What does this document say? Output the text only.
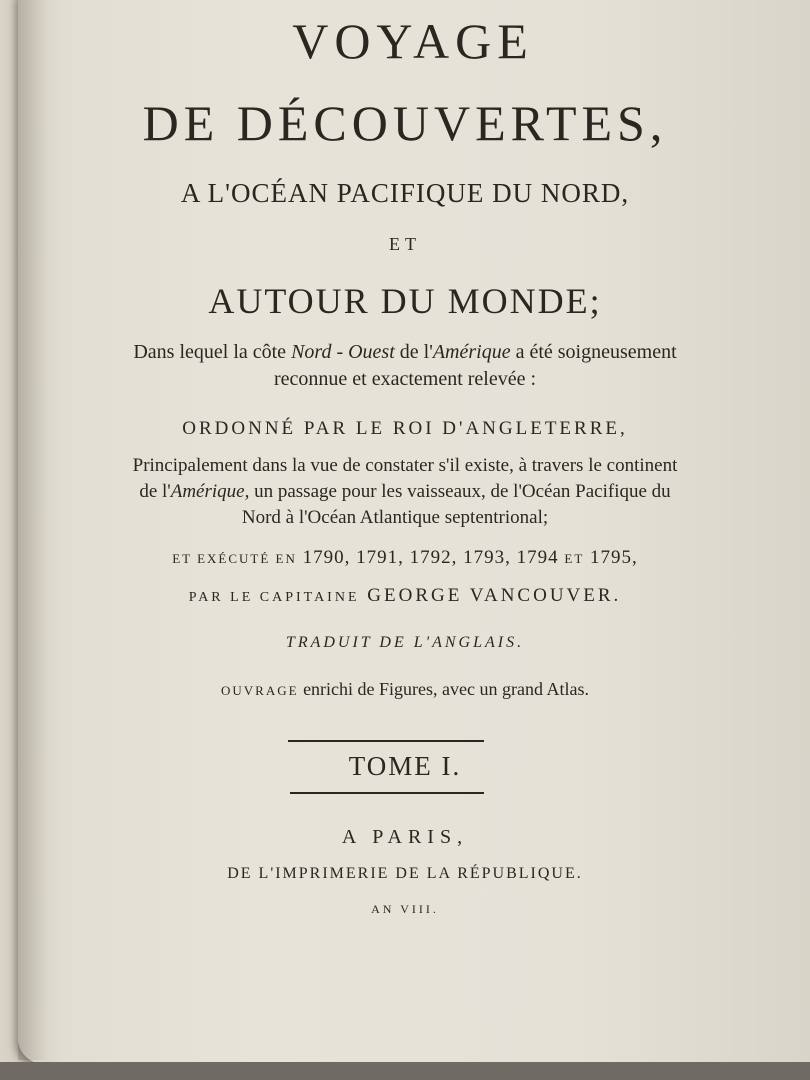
VOYAGE
DE DÉCOUVERTES,
A L'OCÉAN PACIFIQUE DU NORD,
ET
AUTOUR DU MONDE;
Dans lequel la côte Nord - Ouest de l'Amérique a été soigneusement
reconnue et exactement relevée :
ORDONNÉ PAR LE ROI D'ANGLETERRE,
Principalement dans la vue de constater s'il existe, à travers le continent
de l'Amérique, un passage pour les vaisseaux, de l'Océan Pacifique du
Nord à l'Océan Atlantique septentrional;
ET EXÉCUTÉ EN 1790, 1791, 1792, 1793, 1794 ET 1795,
PAR LE CAPITAINE GEORGE VANCOUVER.
TRADUIT DE L'ANGLAIS.
OUVRAGE enrichi de Figures, avec un grand Atlas.
TOME I.
A PARIS,
DE L'IMPRIMERIE DE LA RÉPUBLIQUE.
AN VIII.
